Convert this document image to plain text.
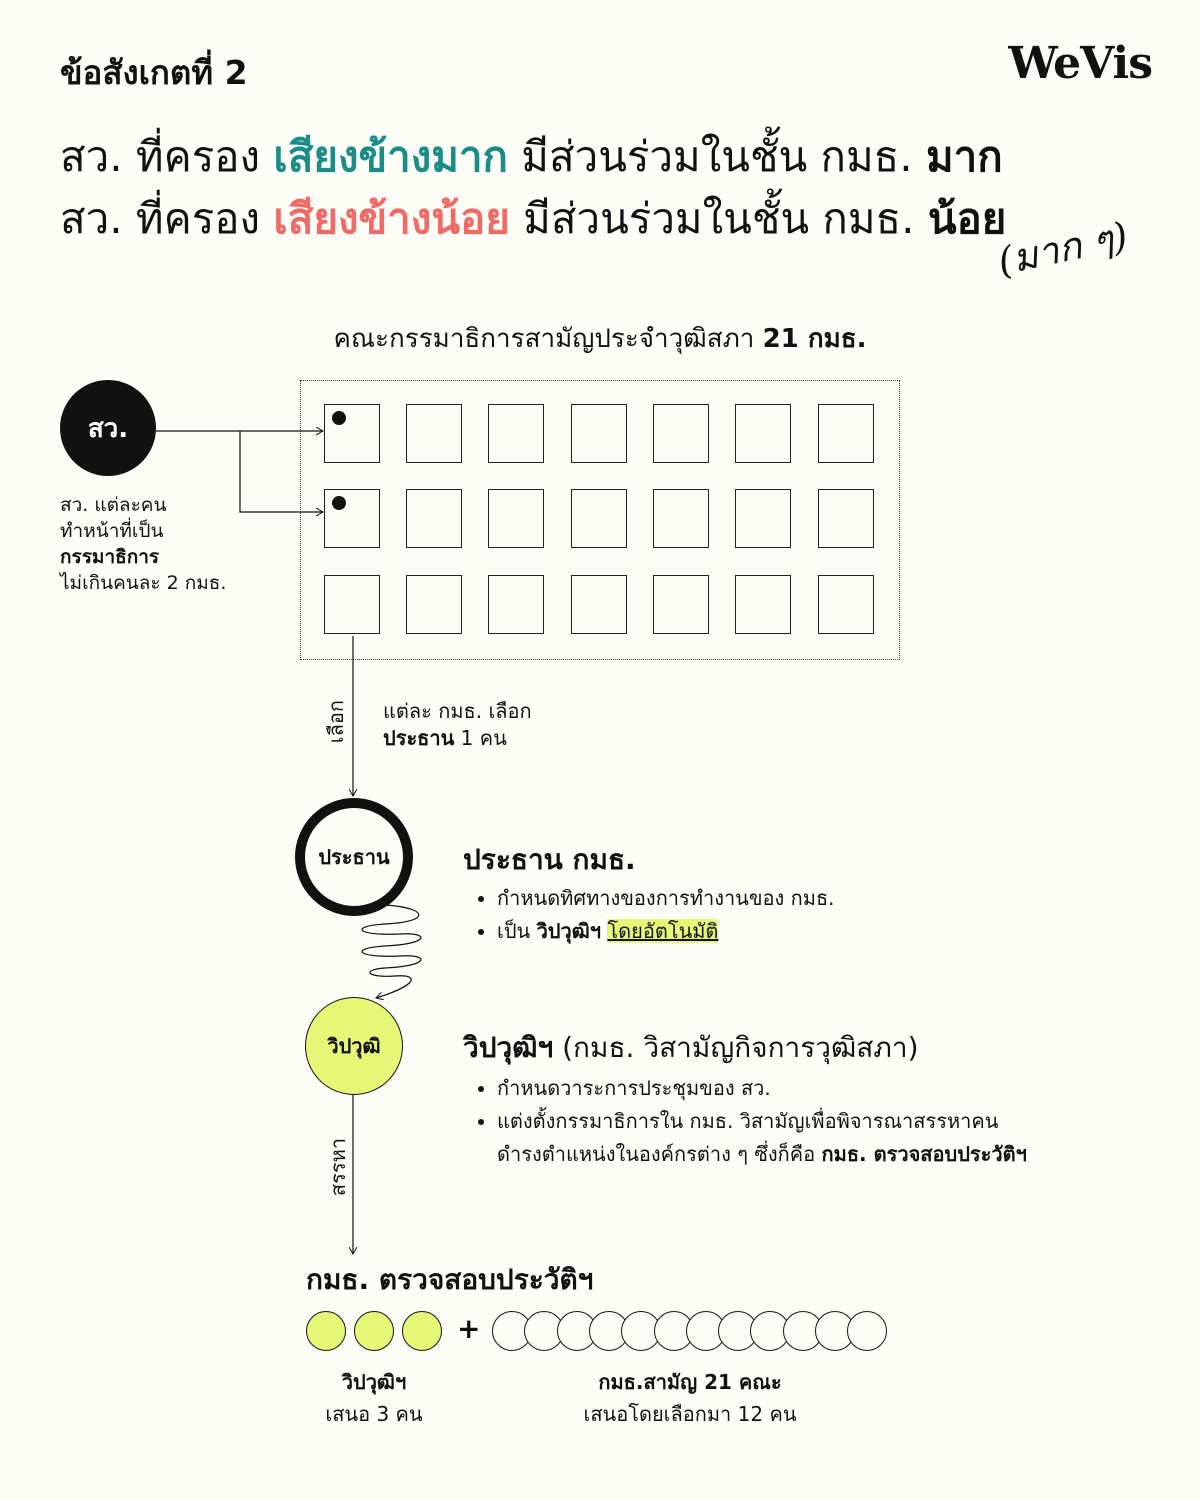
ข้อสังเกตที่ 2	WeVis
สว. ที่ครอง เสียงข้างมาก มีส่วนร่วมในชั้น กมธ. มาก
สว. ที่ครอง เสียงข้างน้อย มีส่วนร่วมในชั้น กมธ. น้อย
(มาก ๆ)
คณะกรรมาธิการสามัญประจำวุฒิสภา 21 กมธ.
สว.
สว. แต่ละคน
ทำหน้าที่เป็น
กรรมาธิการ
ไม่เกินคนละ 2 กมธ.
เลือก แต่ละ กมธ. เลือก
ประธาน 1 คน
ประธาน	ประธาน กมธ.
• กำหนดทิศทางของการทำงานของ กมธ.
• เป็น วิปวุฒิฯ โดยอัตโนมัติ
วิปวุฒิ	วิปวุฒิฯ (กมธ. วิสามัญกิจการวุฒิสภา)
• กำหนดวาระการประชุมของ สว.
• แต่งตั้งกรรมาธิการใน กมธ. วิสามัญเพื่อพิจารณาสรรหาคน
ดำรงตำแหน่งในองค์กรต่าง ๆ ซึ่งก็คือ กมธ. ตรวจสอบประวัติฯ
สรรหา
กมธ. ตรวจสอบประวัติฯ
+
วิปวุฒิฯ
เสนอ 3 คน
กมธ.สามัญ 21 คณะ
เสนอโดยเลือกมา 12 คน
